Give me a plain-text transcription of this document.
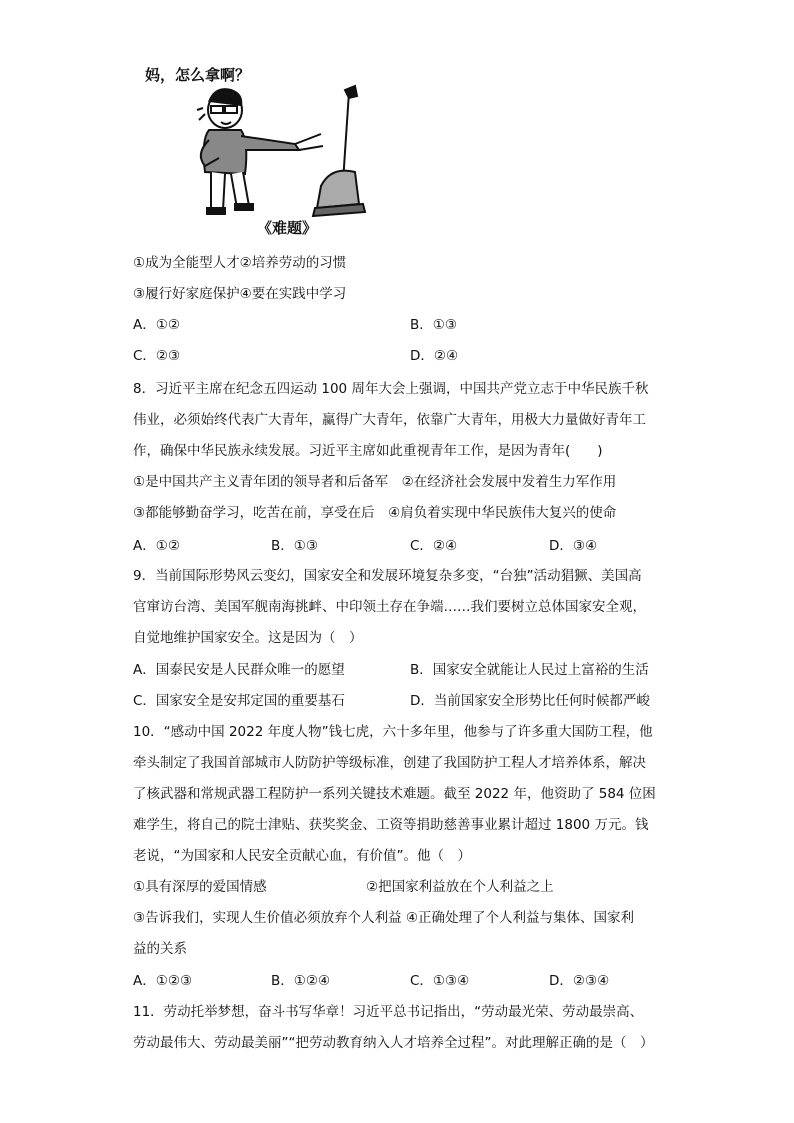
妈，怎么拿啊？
《难题》
①成为全能型人才②培养劳动的习惯
③履行好家庭保护④要在实践中学习
A．①②	B．①③
C．②③	D．②④
8．习近平主席在纪念五四运动 100 周年大会上强调，中国共产党立志于中华民族千秋
伟业，必须始终代表广大青年，赢得广大青年，依靠广大青年，用极大力量做好青年工
作，确保中华民族永续发展。习近平主席如此重视青年工作，是因为青年(　　)
①是中国共产主义青年团的领导者和后备军　②在经济社会发展中发着生力军作用
③都能够勤奋学习，吃苦在前，享受在后　④肩负着实现中华民族伟大复兴的使命
A．①②	B．①③	C．②④	D．③④
9．当前国际形势风云变幻，国家安全和发展环境复杂多变，“台独”活动猖獗、美国高
官窜访台湾、美国军舰南海挑衅、中印领土存在争端……我们要树立总体国家安全观，
自觉地维护国家安全。这是因为（　）
A．国泰民安是人民群众唯一的愿望	B．国家安全就能让人民过上富裕的生活
C．国家安全是安邦定国的重要基石	D．当前国家安全形势比任何时候都严峻
10．“感动中国 2022 年度人物”钱七虎，六十多年里，他参与了许多重大国防工程，他
牵头制定了我国首部城市人防防护等级标准，创建了我国防护工程人才培养体系，解决
了核武器和常规武器工程防护一系列关键技术难题。截至 2022 年，他资助了 584 位困
难学生，将自己的院士津贴、获奖奖金、工资等捐助慈善事业累计超过 1800 万元。钱
老说，“为国家和人民安全贡献心血，有价值”。他（　）
①具有深厚的爱国情感	②把国家利益放在个人利益之上
③告诉我们，实现人生价值必须放弃个人利益 ④正确处理了个人利益与集体、国家利
益的关系
A．①②③	B．①②④	C．①③④	D．②③④
11．劳动托举梦想，奋斗书写华章！习近平总书记指出，“劳动最光荣、劳动最崇高、
劳动最伟大、劳动最美丽”“把劳动教育纳入人才培养全过程”。对此理解正确的是（　）
